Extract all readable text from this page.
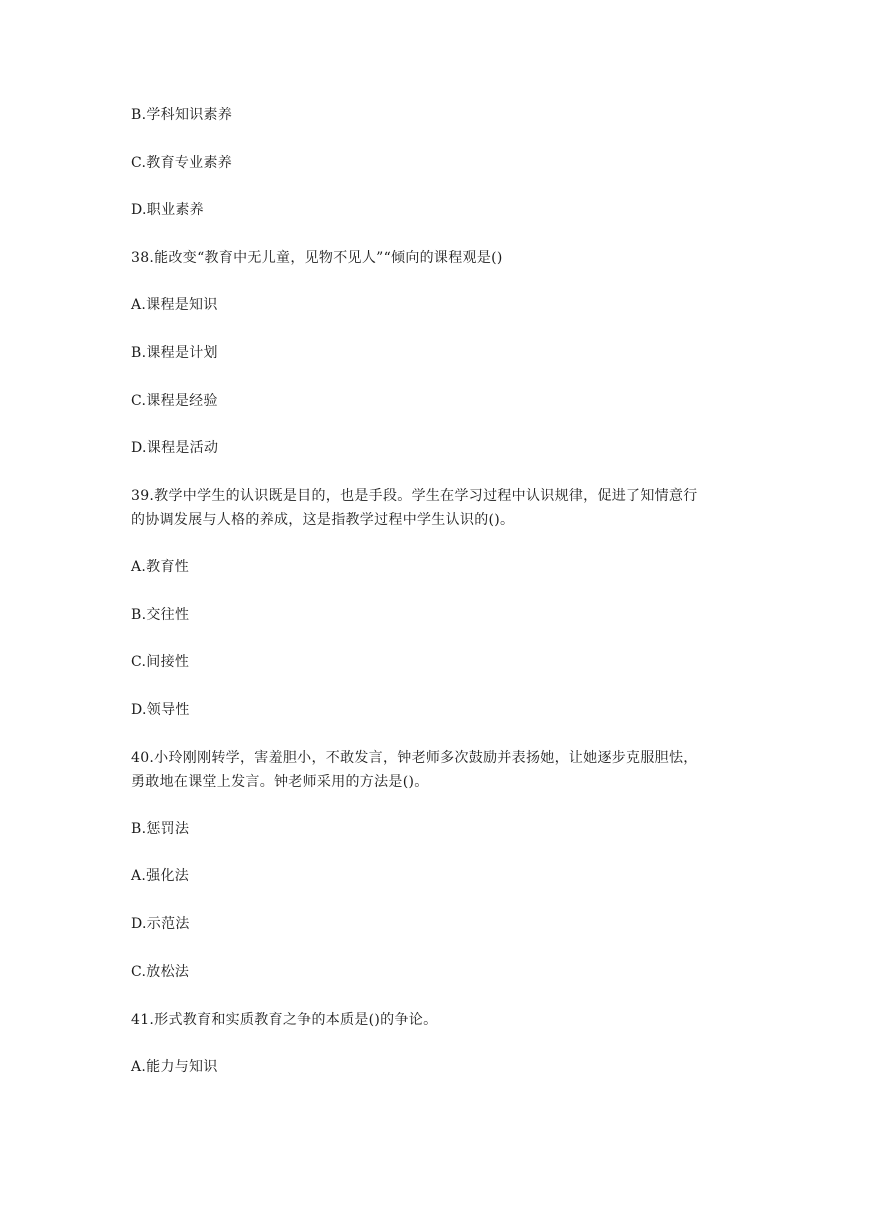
B.学科知识素养
C.教育专业素养
D.职业素养
38.能改变“教育中无儿童，见物不见人”“倾向的课程观是()
A.课程是知识
B.课程是计划
C.课程是经验
D.课程是活动
39.教学中学生的认识既是目的，也是手段。学生在学习过程中认识规律，促进了知情意行
的协调发展与人格的养成，这是指教学过程中学生认识的()。
A.教育性
B.交往性
C.间接性
D.领导性
40.小玲刚刚转学，害羞胆小，不敢发言，钟老师多次鼓励并表扬她，让她逐步克服胆怯，
勇敢地在课堂上发言。钟老师采用的方法是()。
B.惩罚法
A.强化法
D.示范法
C.放松法
41.形式教育和实质教育之争的本质是()的争论。
A.能力与知识
